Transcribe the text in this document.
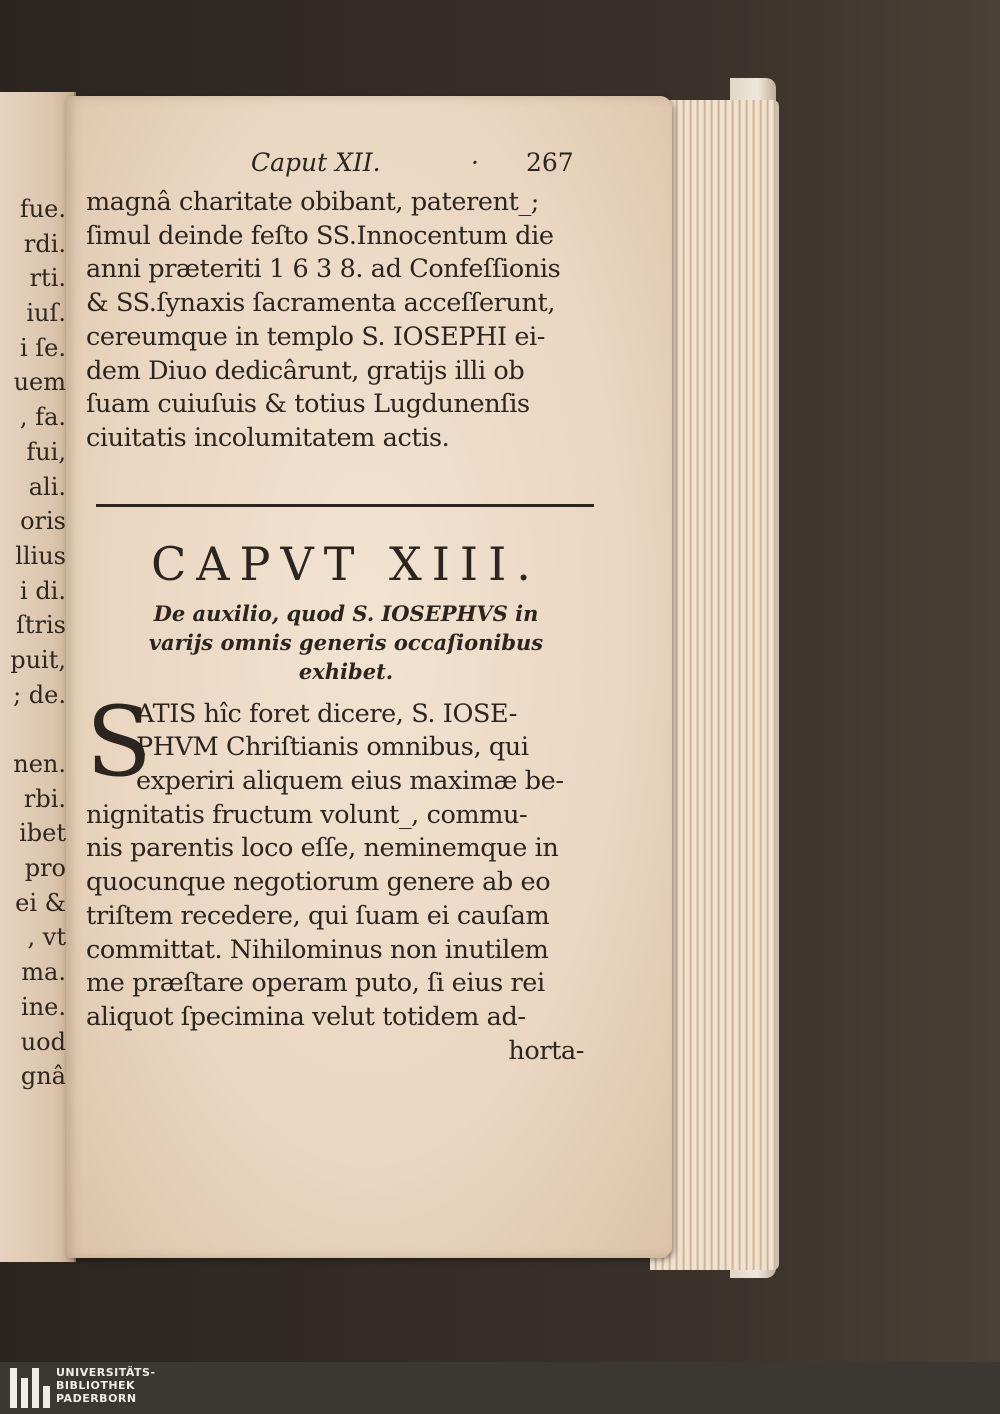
fue.
rdi.
rti.
iuſ.
i ſe.
uem
, fa.
fui,
ali.
oris
llius
i di.
ſtris
puit,
; de.
nen.
rbi.
ibet
pro
ei &
, vt
ma.
ine.
uod
gnâ
Caput XII.	· 267
magnâ charitate obibant, paterent_;
ſimul deinde feſto SS.Innocentum die
anni præteriti 1 6 3 8. ad Confeſſionis
& SS.ſynaxis ſacramenta acceſſerunt,
cereumque in templo S. IOSEPHI ei-
dem Diuo dedicârunt, gratijs illi ob
ſuam cuiuſuis & totius Lugdunenſis
ciuitatis incolumitatem actis.
CAPVT XIII.
De auxilio, quod S. IOSEPHVS in
varijs omnis generis occaſionibus
exhibet.
S
ATIS hîc foret dicere, S. IOSE-
PHVM Chriſtianis omnibus, qui
experiri aliquem eius maximæ be-
nignitatis fructum volunt_, commu-
nis parentis loco eſſe, neminemque in
quocunque negotiorum genere ab eo
triſtem recedere, qui ſuam ei cauſam
committat. Nihilominus non inutilem
me præſtare operam puto, ſi eius rei
aliquot ſpecimina velut totidem ad-
horta-
UNIVERSITÄTS-
BIBLIOTHEK
PADERBORN
